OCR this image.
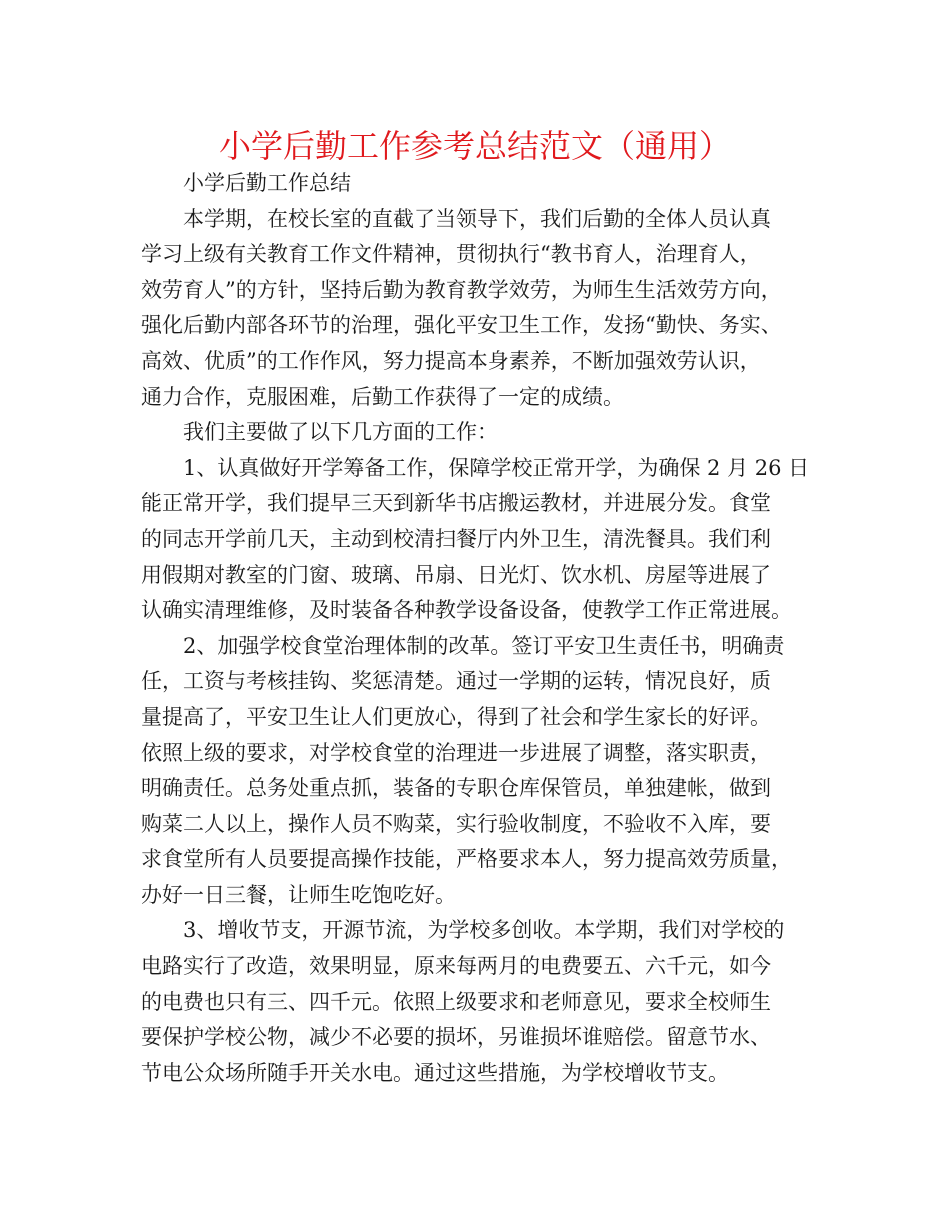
小学后勤工作参考总结范文（通用）

小学后勤工作总结

本学期，在校长室的直截了当领导下，我们后勤的全体人员认真
学习上级有关教育工作文件精神，贯彻执行“教书育人，治理育人，
效劳育人”的方针，坚持后勤为教育教学效劳，为师生生活效劳方向，
强化后勤内部各环节的治理，强化平安卫生工作，发扬“勤快、务实、
高效、优质”的工作作风，努力提高本身素养，不断加强效劳认识，
通力合作，克服困难，后勤工作获得了一定的成绩。

我们主要做了以下几方面的工作：

1、认真做好开学筹备工作，保障学校正常开学，为确保 2 月 26 日
能正常开学，我们提早三天到新华书店搬运教材，并进展分发。食堂
的同志开学前几天，主动到校清扫餐厅内外卫生，清洗餐具。我们利
用假期对教室的门窗、玻璃、吊扇、日光灯、饮水机、房屋等进展了
认确实清理维修，及时装备各种教学设备设备，使教学工作正常进展。

2、加强学校食堂治理体制的改革。签订平安卫生责任书，明确责
任，工资与考核挂钩、奖惩清楚。通过一学期的运转，情况良好，质
量提高了，平安卫生让人们更放心，得到了社会和学生家长的好评。
依照上级的要求，对学校食堂的治理进一步进展了调整，落实职责，
明确责任。总务处重点抓，装备的专职仓库保管员，单独建帐，做到
购菜二人以上，操作人员不购菜，实行验收制度，不验收不入库，要
求食堂所有人员要提高操作技能，严格要求本人，努力提高效劳质量，
办好一日三餐，让师生吃饱吃好。

3、增收节支，开源节流，为学校多创收。本学期，我们对学校的
电路实行了改造，效果明显，原来每两月的电费要五、六千元，如今
的电费也只有三、四千元。依照上级要求和老师意见，要求全校师生
要保护学校公物，减少不必要的损坏，另谁损坏谁赔偿。留意节水、
节电公众场所随手开关水电。通过这些措施，为学校增收节支。
